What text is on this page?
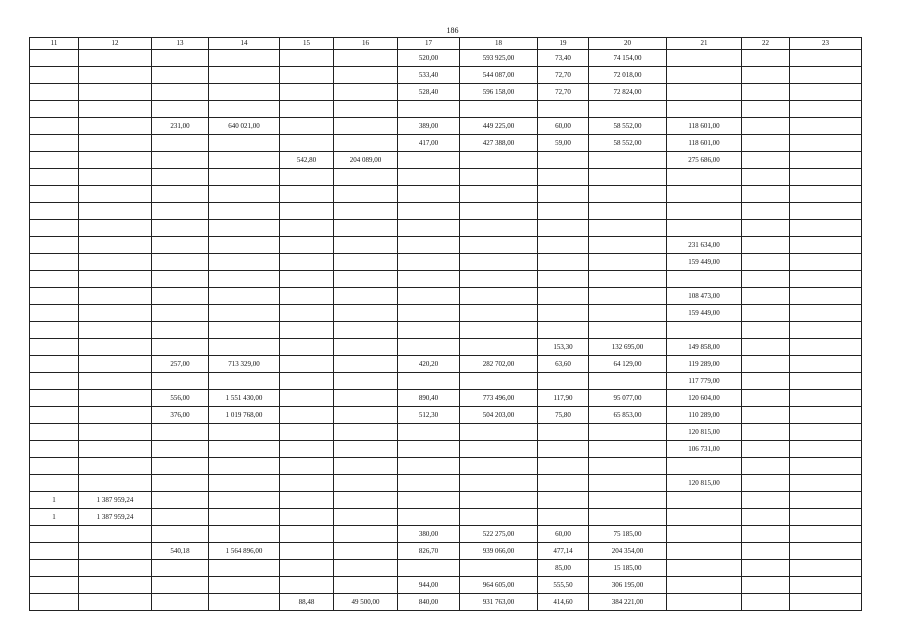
186
11	12	13	14	15	16	17	18	19	20	21	22	23
						520,00	593 925,00	73,40	74 154,00			
						533,40	544 087,00	72,70	72 018,00			
						528,40	596 158,00	72,70	72 824,00			

		231,00	640 021,00			389,00	449 225,00	60,00	58 552,00	118 601,00		
						417,00	427 388,00	59,00	58 552,00	118 601,00		
				542,80	204 089,00					275 686,00		

										231 634,00		
										159 449,00		

										108 473,00		
										159 449,00		

								153,30	132 695,00	149 858,00		
		257,00	713 329,00			420,20	282 702,00	63,60	64 129,00	119 289,00		
										117 779,00		
		556,00	1 551 430,00			890,40	773 496,00	117,90	95 077,00	120 604,00		
		376,00	1 019 768,00			512,30	504 203,00	75,80	65 853,00	110 289,00		
										120 815,00		
										106 731,00		

										120 815,00		
1	1 387 959,24											
1	1 387 959,24											
						380,00	522 275,00	60,00	75 185,00			
		540,18	1 564 896,00			826,70	939 066,00	477,14	204 354,00			
								85,00	15 185,00			
						944,00	964 605,00	555,50	306 195,00			
				88,48	49 500,00	840,00	931 763,00	414,60	384 221,00			
